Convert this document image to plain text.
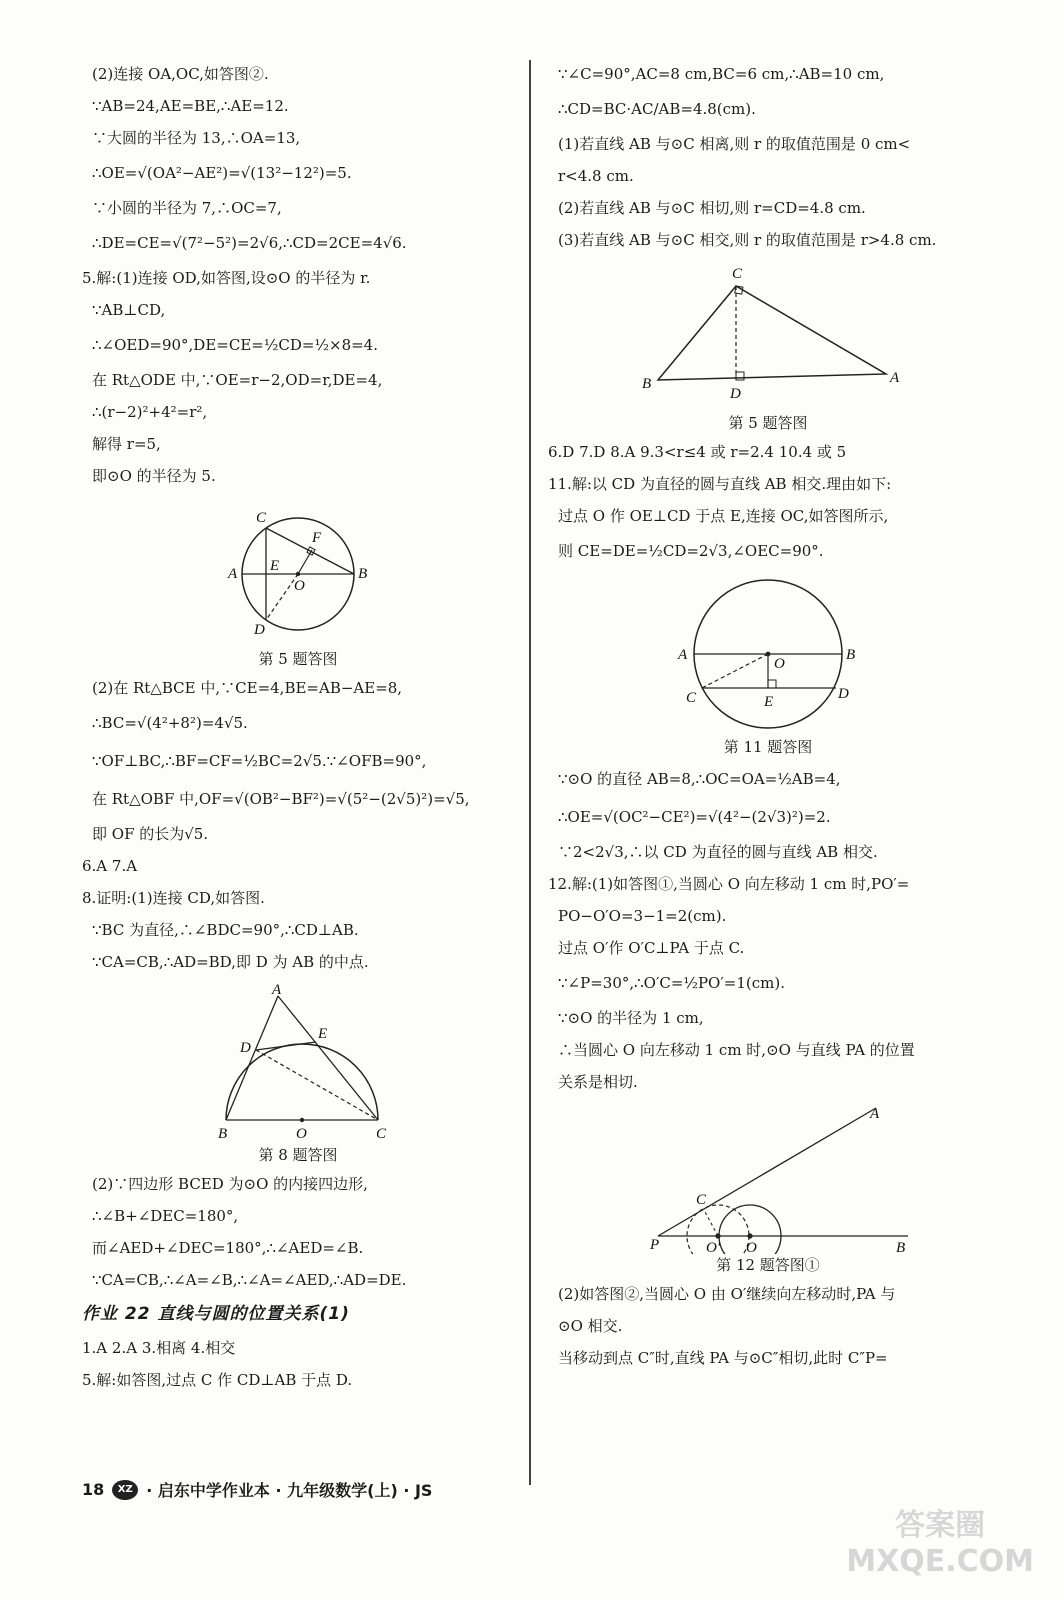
(2)连接 OA,OC,如答图②.
∵AB=24,AE=BE,∴AE=12.
∵大圆的半径为 13,∴OA=13,
∴OE=√(OA²−AE²)=√(13²−12²)=5.
∵小圆的半径为 7,∴OC=7,
∴DE=CE=√(7²−5²)=2√6,∴CD=2CE=4√6.
5.解:(1)连接 OD,如答图,设⊙O 的半径为 r.
∵AB⊥CD,
∴∠OED=90°,DE=CE=½CD=½×8=4.
在 Rt△ODE 中,∵OE=r−2,OD=r,DE=4,
∴(r−2)²+4²=r²,
解得 r=5,
即⊙O 的半径为 5.
C
F
A E
O
B
D
第 5 题答图
(2)在 Rt△BCE 中,∵CE=4,BE=AB−AE=8,
∴BC=√(4²+8²)=4√5.
∵OF⊥BC,∴BF=CF=½BC=2√5.∵∠OFB=90°,
在 Rt△OBF 中,OF=√(OB²−BF²)=√(5²−(2√5)²)=√5,
即 OF 的长为√5.
6.A 7.A
8.证明:(1)连接 CD,如答图.
∵BC 为直径,∴∠BDC=90°,∴CD⊥AB.
∵CA=CB,∴AD=BD,即 D 为 AB 的中点.
A
E
D
B	O	C
第 8 题答图
(2)∵四边形 BCED 为⊙O 的内接四边形,
∴∠B+∠DEC=180°,
而∠AED+∠DEC=180°,∴∠AED=∠B.
∵CA=CB,∴∠A=∠B,∴∠A=∠AED,∴AD=DE.
作业 22 直线与圆的位置关系(1)
1.A 2.A 3.相离 4.相交
5.解:如答图,过点 C 作 CD⊥AB 于点 D.
∵∠C=90°,AC=8 cm,BC=6 cm,∴AB=10 cm,
∴CD=BC·AC/AB=4.8(cm).
(1)若直线 AB 与⊙C 相离,则 r 的取值范围是 0 cm<
r<4.8 cm.
(2)若直线 AB 与⊙C 相切,则 r=CD=4.8 cm.
(3)若直线 AB 与⊙C 相交,则 r 的取值范围是 r>4.8 cm.
C
B
D
A
第 5 题答图
6.D 7.D 8.A 9.3<r≤4 或 r=2.4 10.4 或 5
11.解:以 CD 为直径的圆与直线 AB 相交.理由如下:
过点 O 作 OE⊥CD 于点 E,连接 OC,如答图所示,
则 CE=DE=½CD=2√3,∠OEC=90°.
A
O
B
C	E	D
第 11 题答图
∵⊙O 的直径 AB=8,∴OC=OA=½AB=4,
∴OE=√(OC²−CE²)=√(4²−(2√3)²)=2.
∵2<2√3,∴以 CD 为直径的圆与直线 AB 相交.
12.解:(1)如答图①,当圆心 O 向左移动 1 cm 时,PO′=
PO−O′O=3−1=2(cm).
过点 O′作 O′C⊥PA 于点 C.
∵∠P=30°,∴O′C=½PO′=1(cm).
∵⊙O 的半径为 1 cm,
∴当圆心 O 向左移动 1 cm 时,⊙O 与直线 PA 的位置
关系是相切.
A
C
P	O' O	B
第 12 题答图①
(2)如答图②,当圆心 O 由 O′继续向左移动时,PA 与
⊙O 相交.
当移动到点 C″时,直线 PA 与⊙C″相切,此时 C″P=
18	XZ · 启东中学作业本 · 九年级数学(上) · JS
答案圈
MXQE.COM
